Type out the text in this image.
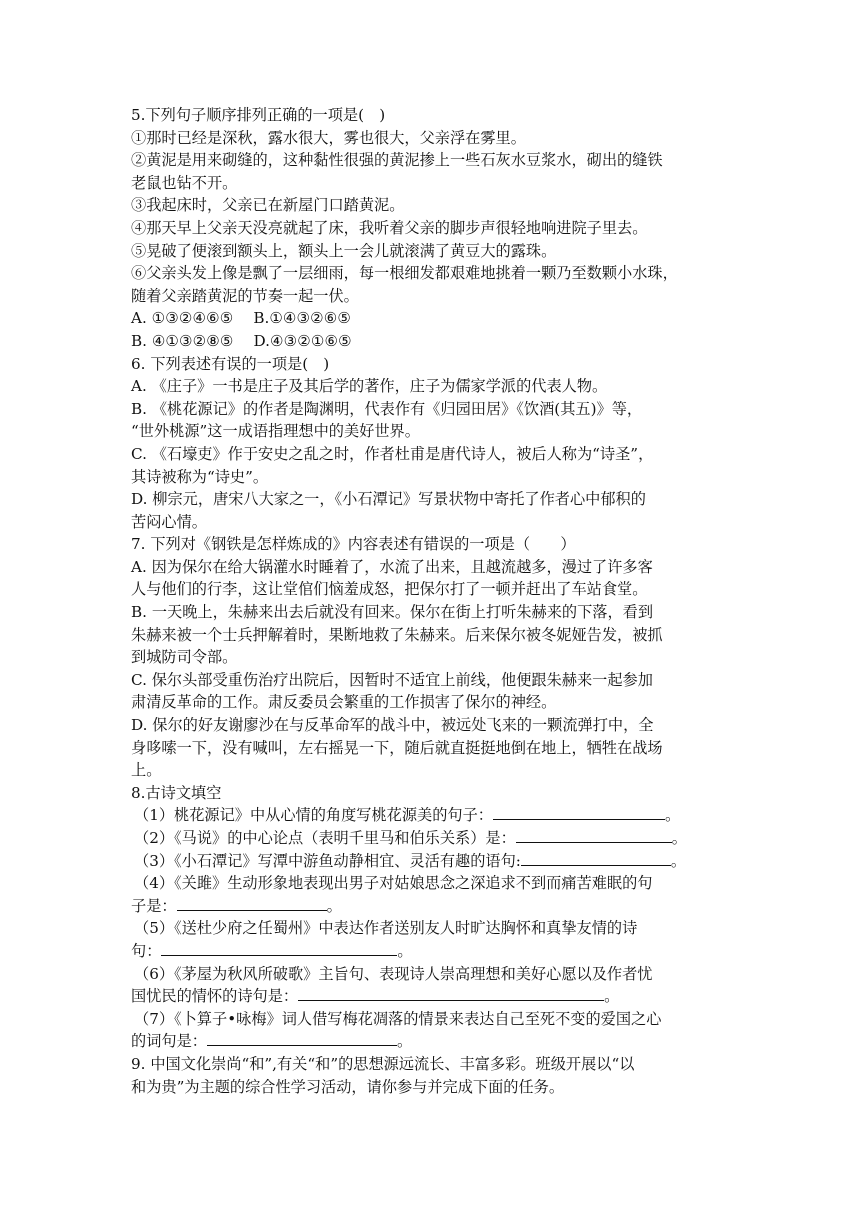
5.下列句子顺序排列正确的一项是(　)
①那时已经是深秋，露水很大，雾也很大，父亲浮在雾里。
②黄泥是用来砌缝的，这种黏性很强的黄泥掺上一些石灰水豆浆水，砌出的缝铁
老鼠也钻不开。
③我起床时，父亲已在新屋门口踏黄泥。
④那天早上父亲天没亮就起了床，我听着父亲的脚步声很轻地响进院子里去。
⑤晃破了便滚到额头上，额头上一会儿就滚满了黄豆大的露珠。
⑥父亲头发上像是飘了一层细雨，每一根细发都艰难地挑着一颗乃至数颗小水珠，
随着父亲踏黄泥的节奏一起一伏。
A. ①③②④⑥⑤　 B.①④③②⑥⑤
B. ④①③②⑧⑤　 D.④③②①⑥⑤
6. 下列表述有误的一项是(　)
A. 《庄子》一书是庄子及其后学的著作，庄子为儒家学派的代表人物。
B. 《桃花源记》的作者是陶渊明，代表作有《归园田居》《饮酒(其五)》等，
“世外桃源”这一成语指理想中的美好世界。
C. 《石壕吏》作于安史之乱之时，作者杜甫是唐代诗人，被后人称为“诗圣”，
其诗被称为“诗史”。
D. 柳宗元，唐宋八大家之一，《小石潭记》写景状物中寄托了作者心中郁积的
苦闷心情。
7. 下列对《钢铁是怎样炼成的》内容表述有错误的一项是（　　）
A. 因为保尔在给大锅灌水时睡着了，水流了出来，且越流越多，漫过了许多客
人与他们的行李，这让堂倌们恼羞成怒，把保尔打了一顿并赶出了车站食堂。
B. 一天晚上，朱赫来出去后就没有回来。保尔在街上打听朱赫来的下落，看到
朱赫来被一个士兵押解着时，果断地救了朱赫来。后来保尔被冬妮娅告发，被抓
到城防司令部。
C. 保尔头部受重伤治疗出院后，因暂时不适宜上前线，他便跟朱赫来一起参加
肃清反革命的工作。肃反委员会繁重的工作损害了保尔的神经。
D. 保尔的好友谢廖沙在与反革命军的战斗中，被远处飞来的一颗流弹打中，全
身哆嗦一下，没有喊叫，左右摇晃一下，随后就直挺挺地倒在地上，牺牲在战场
上。
8.古诗文填空
（1）桃花源记》中从心情的角度写桃花源美的句子：	。
（2）《马说》的中心论点（表明千里马和伯乐关系）是：	。
（3）《小石潭记》写潭中游鱼动静相宜、灵活有趣的语句:	。
（4）《关雎》生动形象地表现出男子对姑娘思念之深追求不到而痛苦难眠的句
子是：	。
（5）《送杜少府之任蜀州》中表达作者送别友人时旷达胸怀和真挚友情的诗
句：	。
（6）《茅屋为秋风所破歌》主旨句、表现诗人崇高理想和美好心愿以及作者忧
国忧民的情怀的诗句是：	。
（7）《卜算子•咏梅》词人借写梅花凋落的情景来表达自己至死不变的爱国之心
的词句是：	。
9. 中国文化崇尚“和”,有关“和”的思想源远流长、丰富多彩。班级开展以“以
和为贵”为主题的综合性学习活动，请你参与并完成下面的任务。
